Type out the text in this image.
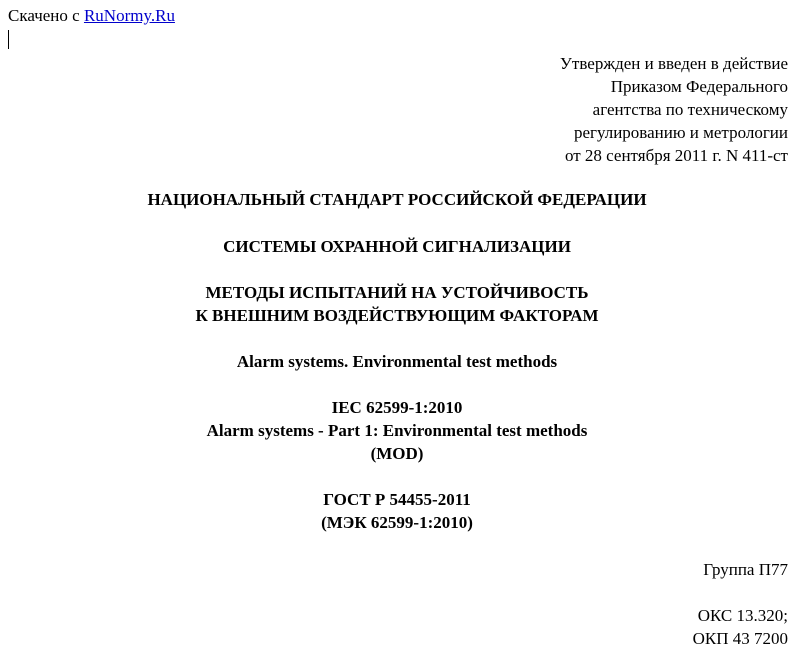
Скачено с RuNormy.Ru
Утвержден и введен в действие
Приказом Федерального
агентства по техническому
регулированию и метрологии
от 28 сентября 2011 г. N 411-ст
НАЦИОНАЛЬНЫЙ СТАНДАРТ РОССИЙСКОЙ ФЕДЕРАЦИИ
СИСТЕМЫ ОХРАННОЙ СИГНАЛИЗАЦИИ
МЕТОДЫ ИСПЫТАНИЙ НА УСТОЙЧИВОСТЬ
К ВНЕШНИМ ВОЗДЕЙСТВУЮЩИМ ФАКТОРАМ
Alarm systems. Environmental test methods
IEC 62599-1:2010
Alarm systems - Part 1: Environmental test methods
(MOD)
ГОСТ Р 54455-2011
(МЭК 62599-1:2010)
Группа П77
ОКС 13.320;
ОКП 43 7200
